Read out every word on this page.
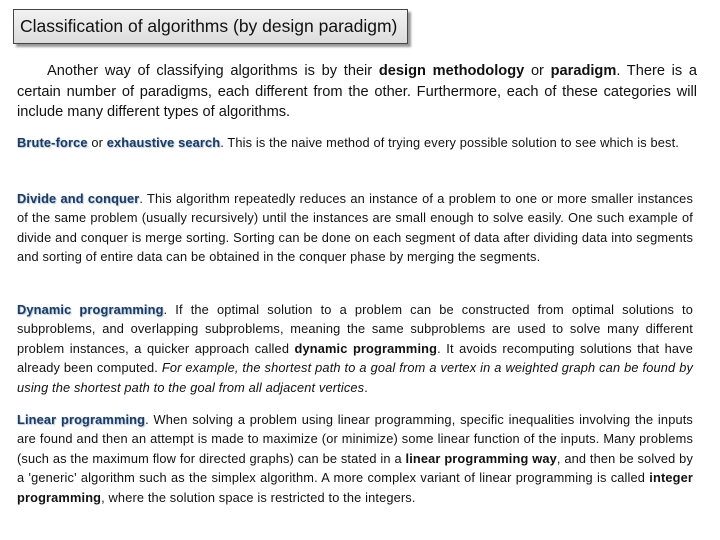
Classification of algorithms (by design paradigm)

Another way of classifying algorithms is by their design methodology or paradigm. There is a certain number of paradigms, each different from the other. Furthermore, each of these categories will include many different types of algorithms.

Brute-force or exhaustive search. This is the naive method of trying every possible solution to see which is best.

Divide and conquer. This algorithm repeatedly reduces an instance of a problem to one or more smaller instances of the same problem (usually recursively) until the instances are small enough to solve easily. One such example of divide and conquer is merge sorting. Sorting can be done on each segment of data after dividing data into segments and sorting of entire data can be obtained in the conquer phase by merging the segments.

Dynamic programming. If the optimal solution to a problem can be constructed from optimal solutions to subproblems, and overlapping subproblems, meaning the same subproblems are used to solve many different problem instances, a quicker approach called dynamic programming. It avoids recomputing solutions that have already been computed. For example, the shortest path to a goal from a vertex in a weighted graph can be found by using the shortest path to the goal from all adjacent vertices.

Linear programming. When solving a problem using linear programming, specific inequalities involving the inputs are found and then an attempt is made to maximize (or minimize) some linear function of the inputs. Many problems (such as the maximum flow for directed graphs) can be stated in a linear programming way, and then be solved by a 'generic' algorithm such as the simplex algorithm. A more complex variant of linear programming is called integer programming, where the solution space is restricted to the integers.
